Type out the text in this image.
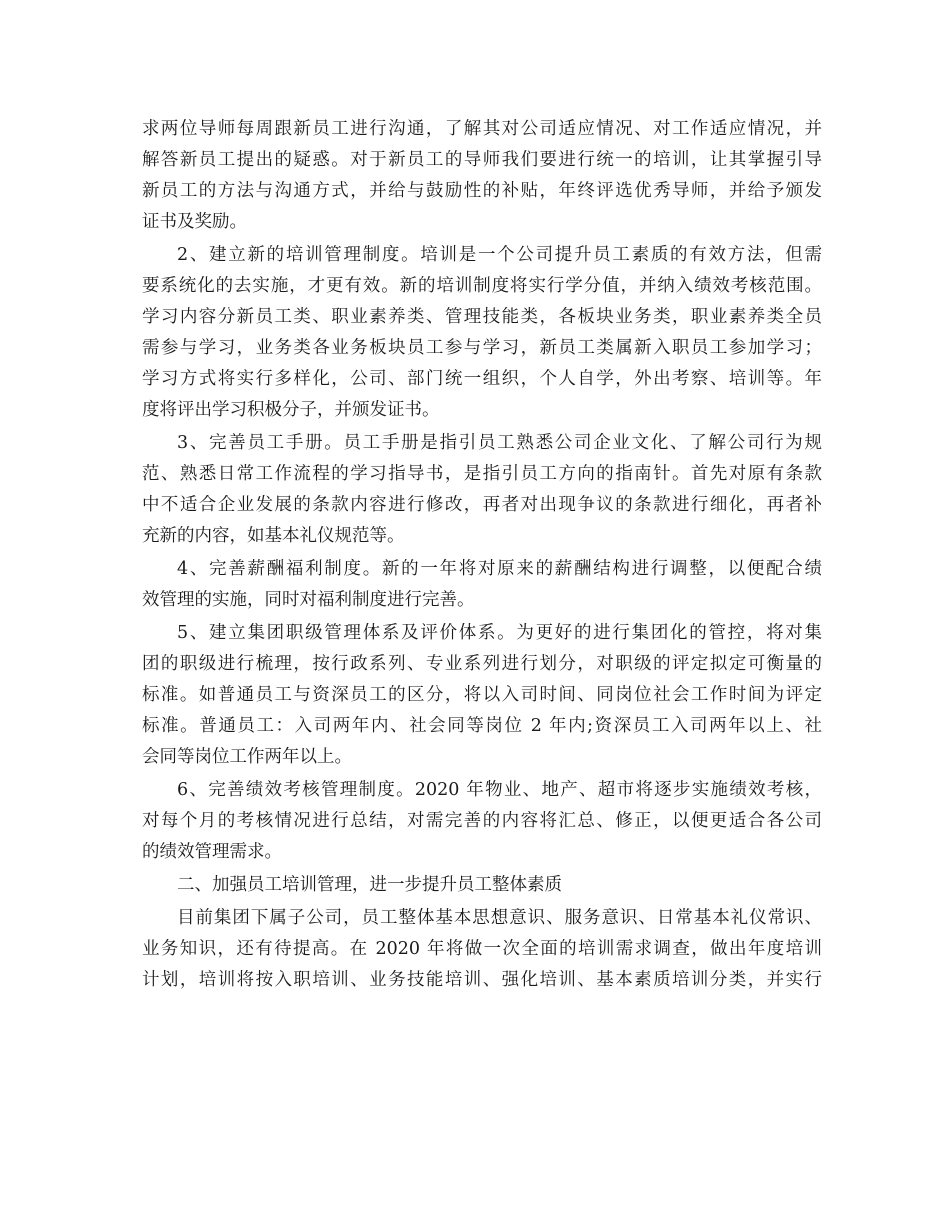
求两位导师每周跟新员工进行沟通，了解其对公司适应情况、对工作适应情况，并
解答新员工提出的疑惑。对于新员工的导师我们要进行统一的培训，让其掌握引导
新员工的方法与沟通方式，并给与鼓励性的补贴，年终评选优秀导师，并给予颁发
证书及奖励。
2、建立新的培训管理制度。培训是一个公司提升员工素质的有效方法，但需
要系统化的去实施，才更有效。新的培训制度将实行学分值，并纳入绩效考核范围。
学习内容分新员工类、职业素养类、管理技能类，各板块业务类，职业素养类全员
需参与学习，业务类各业务板块员工参与学习，新员工类属新入职员工参加学习；
学习方式将实行多样化，公司、部门统一组织，个人自学，外出考察、培训等。年
度将评出学习积极分子，并颁发证书。
3、完善员工手册。员工手册是指引员工熟悉公司企业文化、了解公司行为规
范、熟悉日常工作流程的学习指导书，是指引员工方向的指南针。首先对原有条款
中不适合企业发展的条款内容进行修改，再者对出现争议的条款进行细化，再者补
充新的内容，如基本礼仪规范等。
4、完善薪酬福利制度。新的一年将对原来的薪酬结构进行调整，以便配合绩
效管理的实施，同时对福利制度进行完善。
5、建立集团职级管理体系及评价体系。为更好的进行集团化的管控，将对集
团的职级进行梳理，按行政系列、专业系列进行划分，对职级的评定拟定可衡量的
标准。如普通员工与资深员工的区分，将以入司时间、同岗位社会工作时间为评定
标准。普通员工：入司两年内、社会同等岗位 2 年内;资深员工入司两年以上、社
会同等岗位工作两年以上。
6、完善绩效考核管理制度。2020 年物业、地产、超市将逐步实施绩效考核，
对每个月的考核情况进行总结，对需完善的内容将汇总、修正，以便更适合各公司
的绩效管理需求。
二、加强员工培训管理，进一步提升员工整体素质
目前集团下属子公司，员工整体基本思想意识、服务意识、日常基本礼仪常识、
业务知识，还有待提高。在 2020 年将做一次全面的培训需求调查，做出年度培训
计划，培训将按入职培训、业务技能培训、强化培训、基本素质培训分类，并实行
